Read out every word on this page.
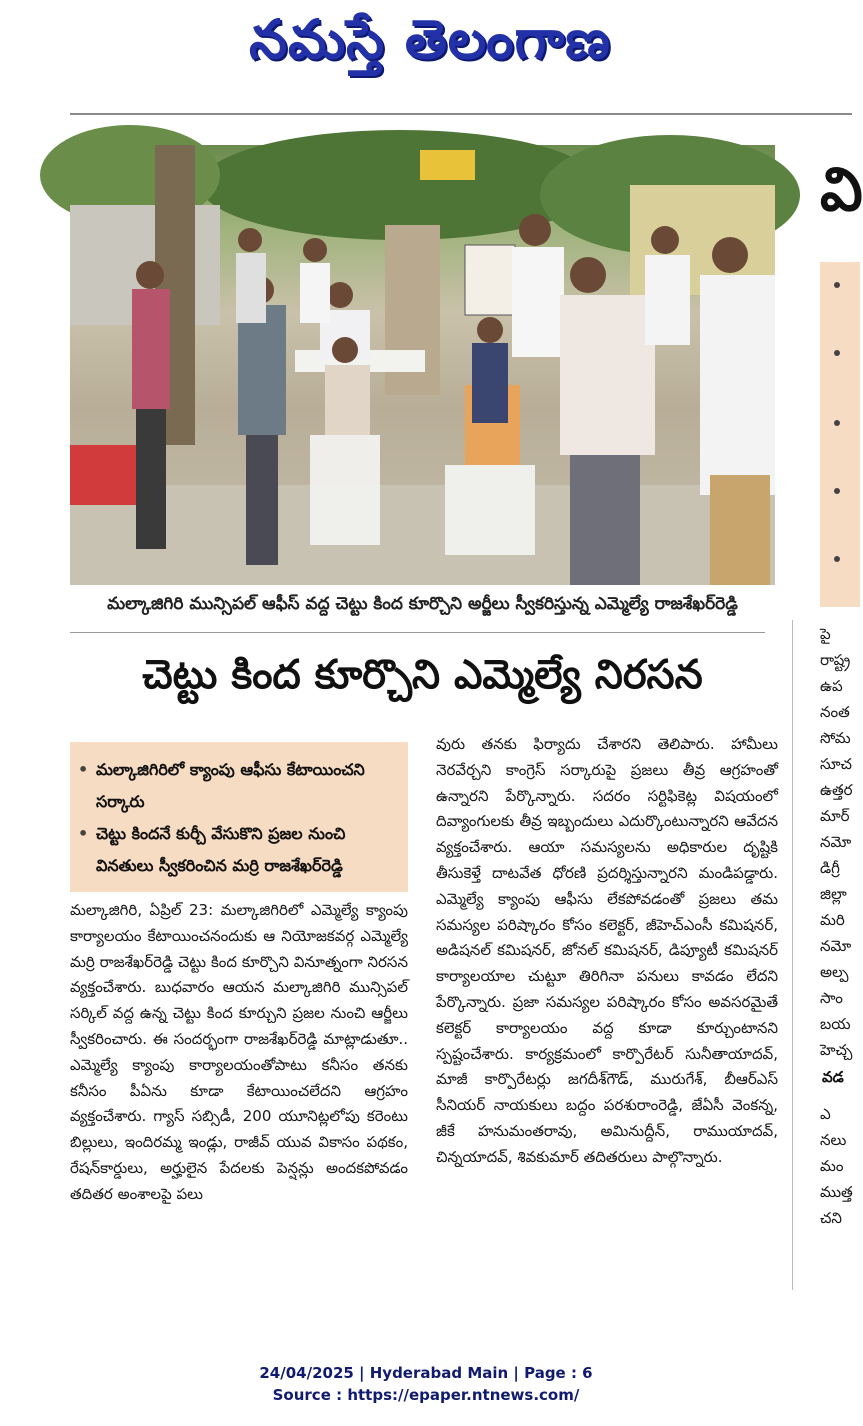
నమస్తే తెలంగాణ
మల్కాజిగిరి మున్సిపల్ ఆఫీస్ వద్ద చెట్టు కింద కూర్చొని అర్జీలు స్వీకరిస్తున్న ఎమ్మెల్యే రాజశేఖర్‌రెడ్డి
చెట్టు కింద కూర్చొని ఎమ్మెల్యే నిరసన
• మల్కాజిగిరిలో క్యాంపు ఆఫీసు కేటాయించని సర్కారు
• చెట్టు కిందనే కుర్చీ వేసుకొని ప్రజల నుంచి వినతులు స్వీకరించిన మర్రి రాజశేఖర్‌రెడ్డి
మల్కాజిగిరి, ఏప్రిల్ 23: మల్కాజిగిరిలో ఎమ్మెల్యే క్యాంపు కార్యాలయం కేటాయించనందుకు ఆ నియోజకవర్గ ఎమ్మెల్యే మర్రి రాజశేఖర్‌రెడ్డి చెట్టు కింద కూర్చొని వినూత్నంగా నిరసన వ్యక్తంచేశారు. బుధవారం ఆయన మల్కాజిగిరి మున్సిపల్ సర్కిల్ వద్ద ఉన్న చెట్టు కింద కూర్చుని ప్రజల నుంచి ఆర్జీలు స్వీకరించారు. ఈ సందర్భంగా రాజశేఖర్‌రెడ్డి మాట్లాడుతూ.. ఎమ్మెల్యే క్యాంపు కార్యాలయంతోపాటు కనీసం తనకు కనీసం పీఏను కూడా కేటాయించలేదని ఆగ్రహం వ్యక్తంచేశారు. గ్యాస్ సబ్సిడీ, 200 యూనిట్లలోపు కరెంటు బిల్లులు, ఇందిరమ్మ ఇండ్లు, రాజీవ్ యువ వికాసం పథకం, రేషన్‌కార్డులు, అర్హులైన పేదలకు పెన్షన్లు అందకపోవడం తదితర అంశాలపై పలు
వురు తనకు ఫిర్యాదు చేశారని తెలిపారు. హామీలు నెరవేర్చని కాంగ్రెస్ సర్కారుపై ప్రజలు తీవ్ర ఆగ్రహంతో ఉన్నారని పేర్కొన్నారు. సదరం సర్టిఫికెట్ల విషయంలో దివ్యాంగులకు తీవ్ర ఇబ్బందులు ఎదుర్కొంటున్నారని ఆవేదన వ్యక్తంచేశారు. ఆయా సమస్యలను అధికారుల దృష్టికి తీసుకెళ్తే దాటవేత ధోరణి ప్రదర్శిస్తున్నారని మండిపడ్డారు. ఎమ్మెల్యే క్యాంపు ఆఫీసు లేకపోవడంతో ప్రజలు తమ సమస్యల పరిష్కారం కోసం కలెక్టర్, జీహెచ్ఎంసీ కమిషనర్, అడిషనల్ కమిషనర్, జోనల్ కమిషనర్, డిప్యూటీ కమిషనర్ కార్యాలయాల చుట్టూ తిరిగినా పనులు కావడం లేదని పేర్కొన్నారు. ప్రజా సమస్యల పరిష్కారం కోసం అవసరమైతే కలెక్టర్ కార్యాలయం వద్ద కూడా కూర్చుంటానని స్పష్టంచేశారు. కార్యక్రమంలో కార్పొరేటర్ సునీతాయాదవ్, మాజీ కార్పొరేటర్లు జగదీశ్‌గౌడ్, మురుగేశ్, బీఆర్‌ఎస్ సీనియర్ నాయకులు బద్దం పరశురాంరెడ్డి, జేఏసీ వెంకన్న, జీకే హనుమంతరావు, అమినుద్దీన్, రాముయాదవ్, చిన్నయాదవ్, శివకుమార్ తదితరులు పాల్గొన్నారు.
వి
పై
రాష్ట్ర
ఉప
నంత
సోమ
సూచ
ఉత్తర
మార్
నమో
డిగ్రీ
జిల్లా
మరి
నమో
అల్ప
సాం
బయ
హెచ్చ
వడ
ఎ
నలు
మం
ముత్త
చని
24/04/2025 | Hyderabad Main | Page : 6
Source : https://epaper.ntnews.com/
